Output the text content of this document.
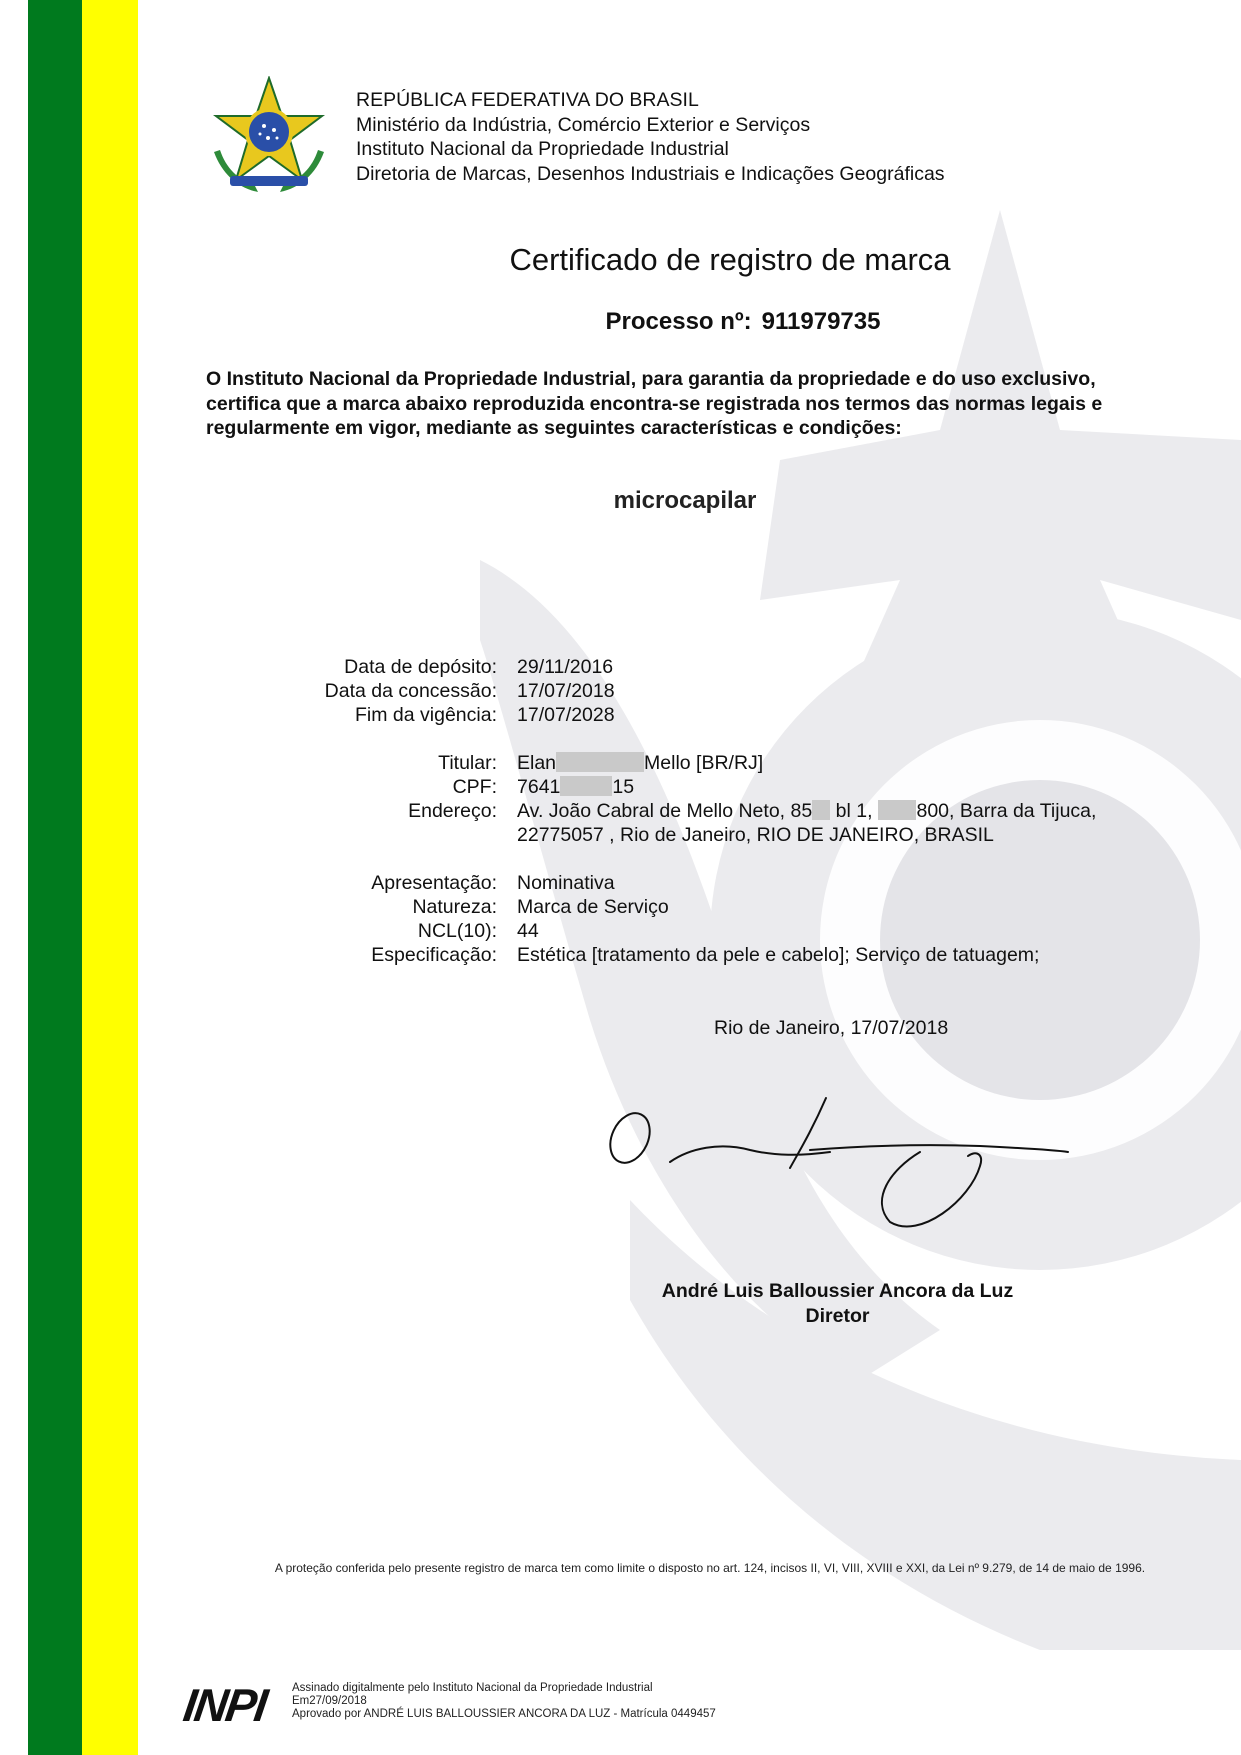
REPÚBLICA FEDERATIVA DO BRASIL
Ministério da Indústria, Comércio Exterior e Serviços
Instituto Nacional da Propriedade Industrial
Diretoria de Marcas, Desenhos Industriais e Indicações Geográficas
Certificado de registro de marca
Processo nº: 911979735
O Instituto Nacional da Propriedade Industrial, para garantia da propriedade e do uso exclusivo,
certifica que a marca abaixo reproduzida encontra-se registrada nos termos das normas legais e
regularmente em vigor, mediante as seguintes características e condições:
microcapilar
Data de depósito: 29/11/2016
Data da concessão: 17/07/2018
Fim da vigência: 17/07/2028
Titular: Elan	Mello [BR/RJ]
CPF: 7641	15
Endereço: Av. João Cabral de Mello Neto, 85 bl 1, 800, Barra da Tijuca,
22775057 , Rio de Janeiro, RIO DE JANEIRO, BRASIL
Apresentação: Nominativa
Natureza: Marca de Serviço
NCL(10): 44
Especificação: Estética [tratamento da pele e cabelo]; Serviço de tatuagem;
Rio de Janeiro, 17/07/2018
André Luis Balloussier Ancora da Luz
Diretor
A proteção conferida pelo presente registro de marca tem como limite o disposto no art. 124, incisos II, VI, VIII, XVIII e XXI, da Lei nº 9.279, de 14 de maio de 1996.
INPI Assinado digitalmente pelo Instituto Nacional da Propriedade Industrial
Em27/09/2018
Aprovado por ANDRÉ LUIS BALLOUSSIER ANCORA DA LUZ - Matrícula 0449457
